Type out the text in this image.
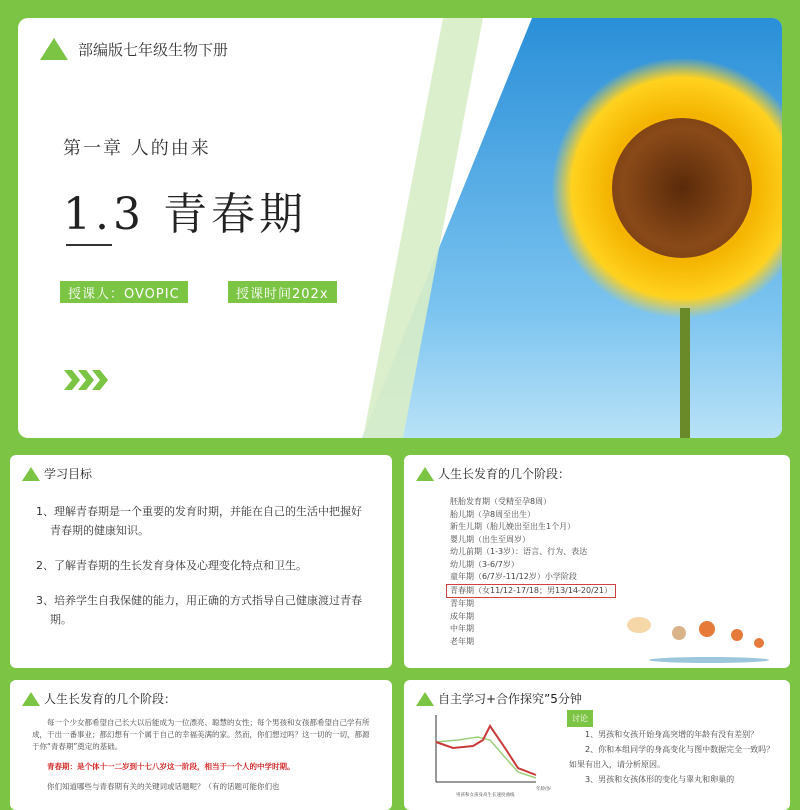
部编版七年级生物下册
第一章 人的由来
1.3 青春期
授课人：OVOPIC	授课时间202x
学习目标

1、理解青春期是一个重要的发育时期，并能在自己的生活中把握好青春期的健康知识。

2、了解青春期的生长发育身体及心理变化特点和卫生。

3、培养学生自我保健的能力，用正确的方式指导自己健康渡过青春期。

人生长发育的几个阶段：
胚胎发育期（受精至孕8周）
胎儿期（孕8周至出生）
新生儿期（胎儿娩出至出生1个月）
婴儿期（出生至周岁）
幼儿前期（1-3岁）：语言、行为、表达
幼儿期（3-6/7岁）
童年期（6/7岁-11/12岁）小学阶段
青春期（女11/12-17/18；男13/14-20/21）
青年期
成年期
中年期
老年期
人生长发育的几个阶段：

每一个少女都希望自己长大以后能成为一位漂亮、聪慧的女性；每个男孩和女孩都希望自己学有所成，干出一番事业；都幻想有一个属于自己的幸福美满的家。然而，你们想过吗？这一切的一切，都源于你“青春期”奠定的基础。

青春期：是个体十一二岁到十七八岁这一阶段，相当于一个人的中学时期。

你们知道哪些与青春期有关的关键词或话题呢？（有的话题可能你们也

自主学习+合作探究”5分钟
男孩和女孩身高生长速度曲线
年龄/岁
讨论
1、男孩和女孩开始身高突增的年龄有没有差别？
2、你和本组同学的身高变化与图中数据完全一致吗？如果有出入，请分析原因。
3、男孩和女孩体形的变化与睾丸和卵巢的
